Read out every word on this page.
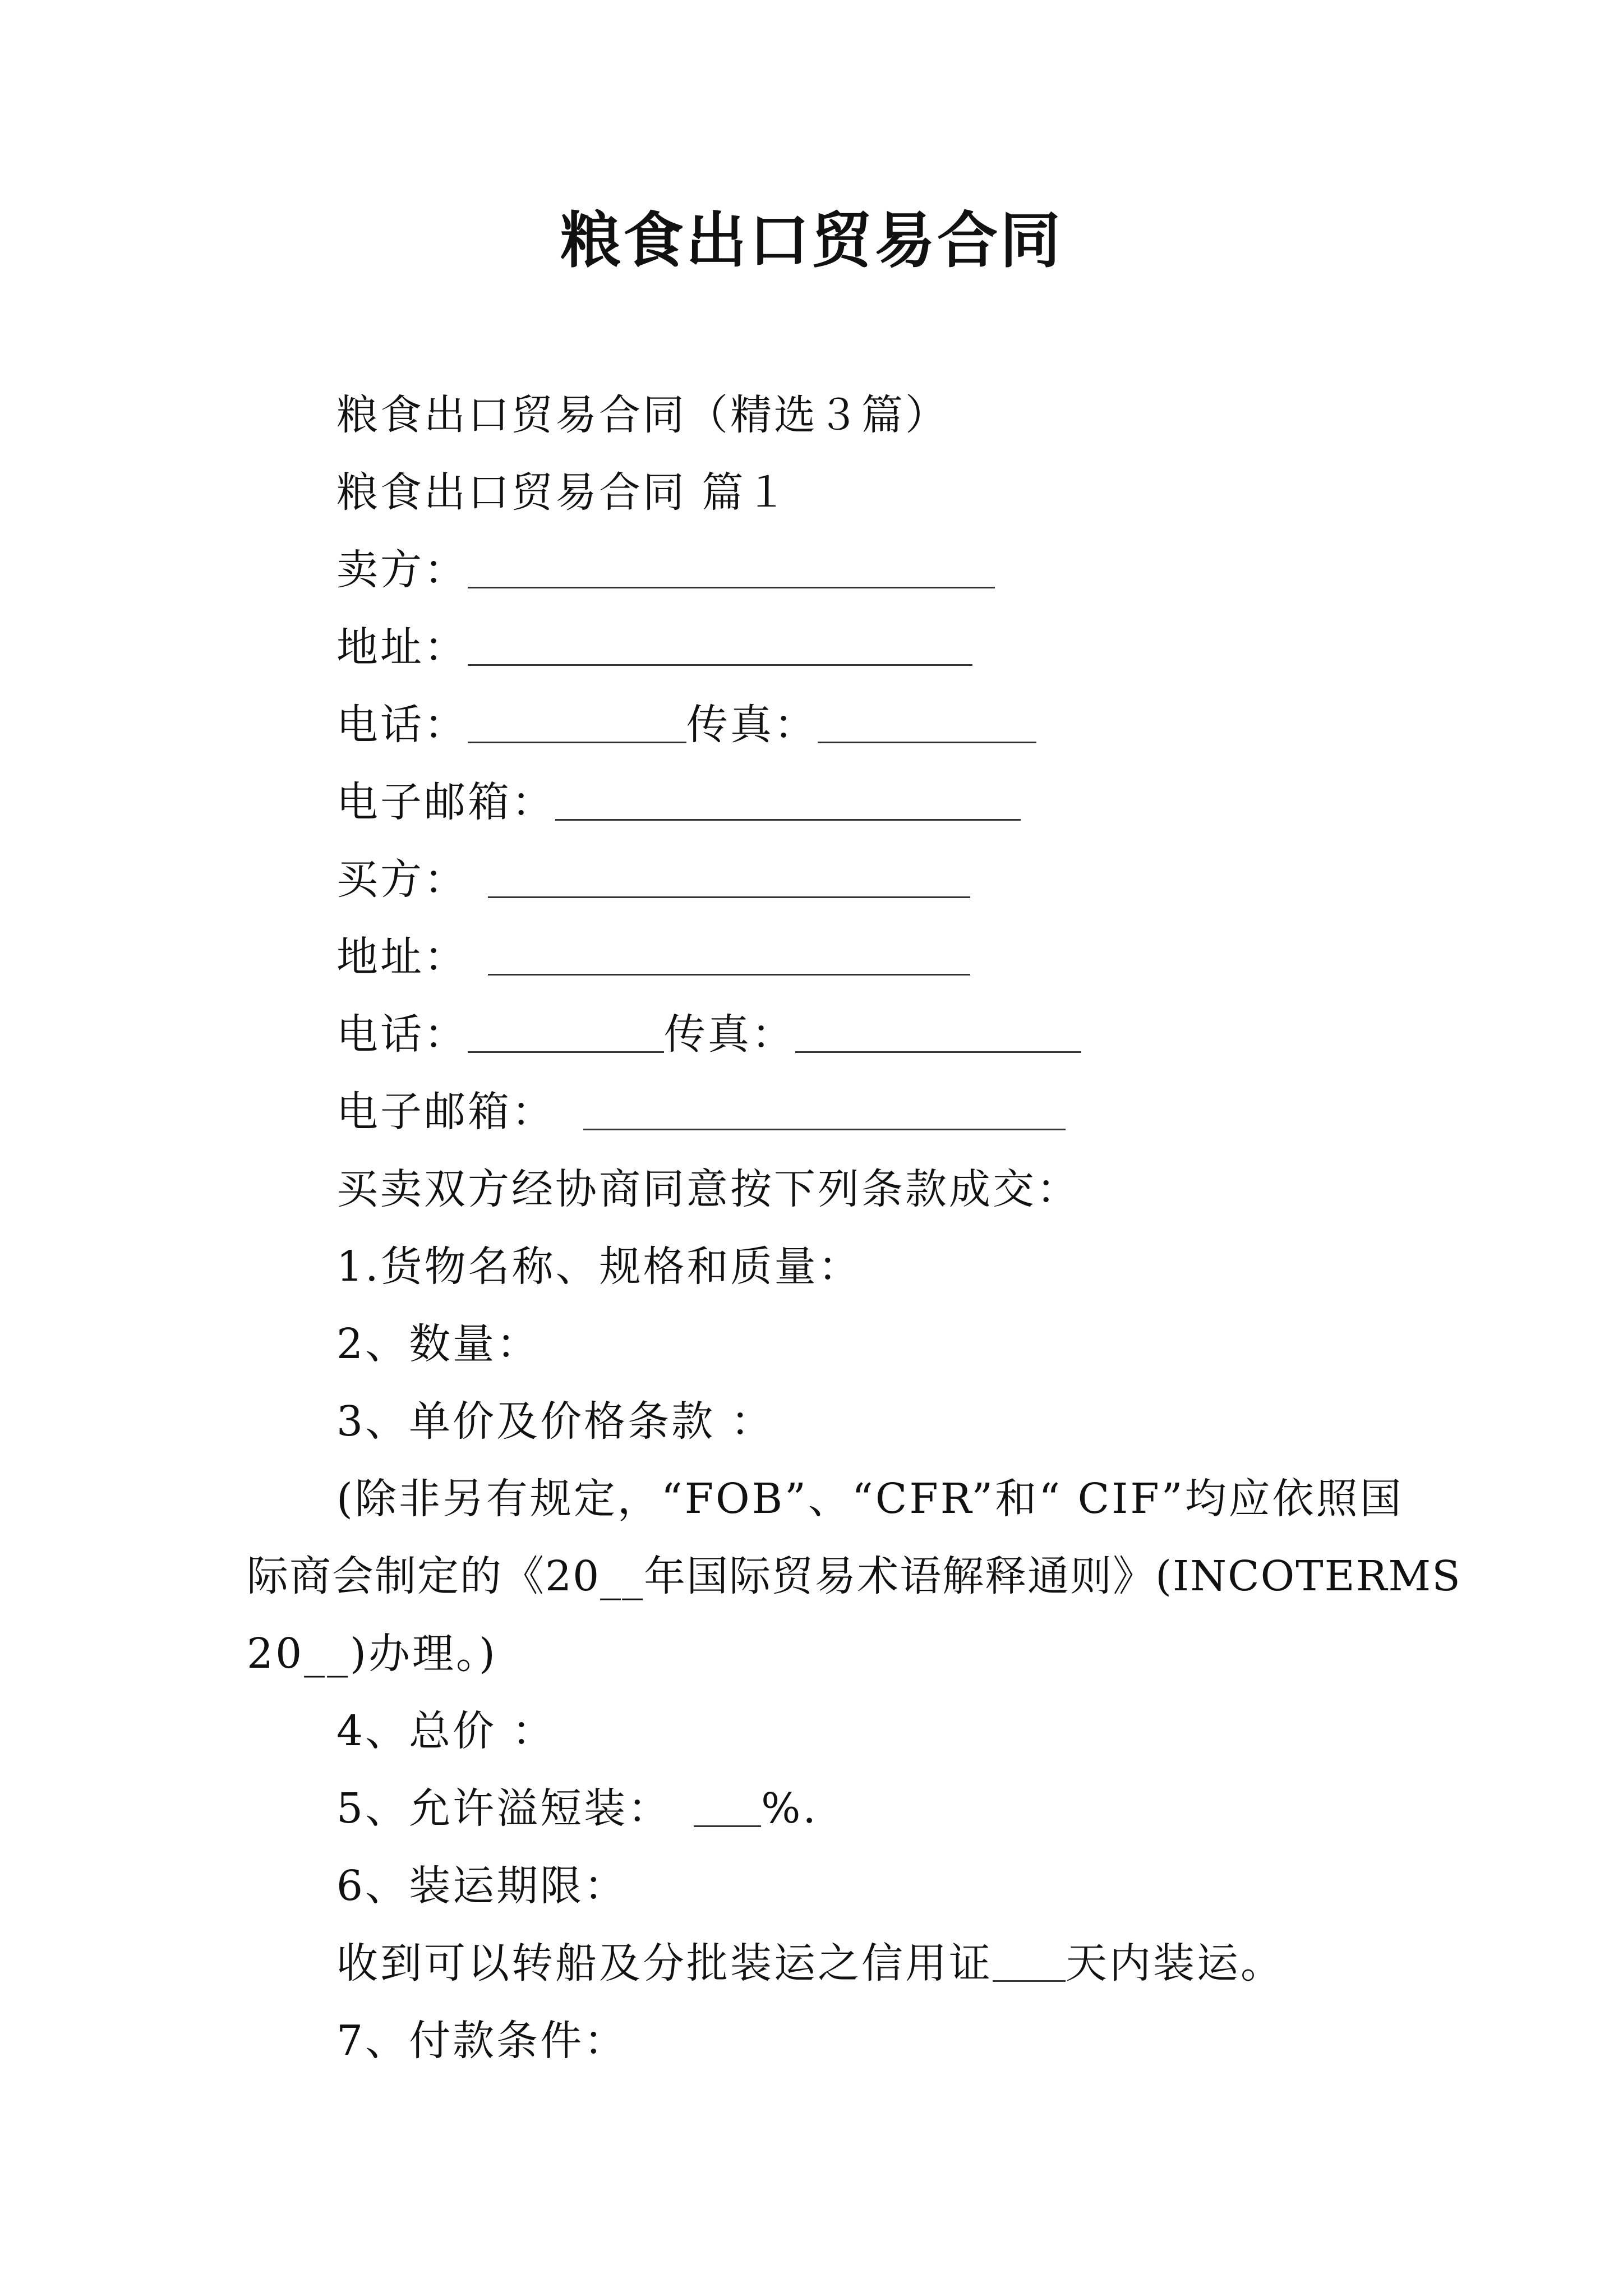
粮食出口贸易合同
粮食出口贸易合同（精选３篇）
粮食出口贸易合同 篇１
卖方：
地址：
电话：	传真：
电子邮箱：
买方：
地址：
电话：	传真：
电子邮箱：
买卖双方经协商同意按下列条款成交：
1.货物名称、规格和质量：
2、数量：
3、单价及价格条款 ：
(除非另有规定，“FOB”、“CFR”和“ CIF”均应依照国
际商会制定的《20__年国际贸易术语解释通则》(INCOTERMS
20__)办理。)
4、总价 ：
5、允许溢短装： %.
6、装运期限：
收到可以转船及分批装运之信用证 天内装运。
7、付款条件：
